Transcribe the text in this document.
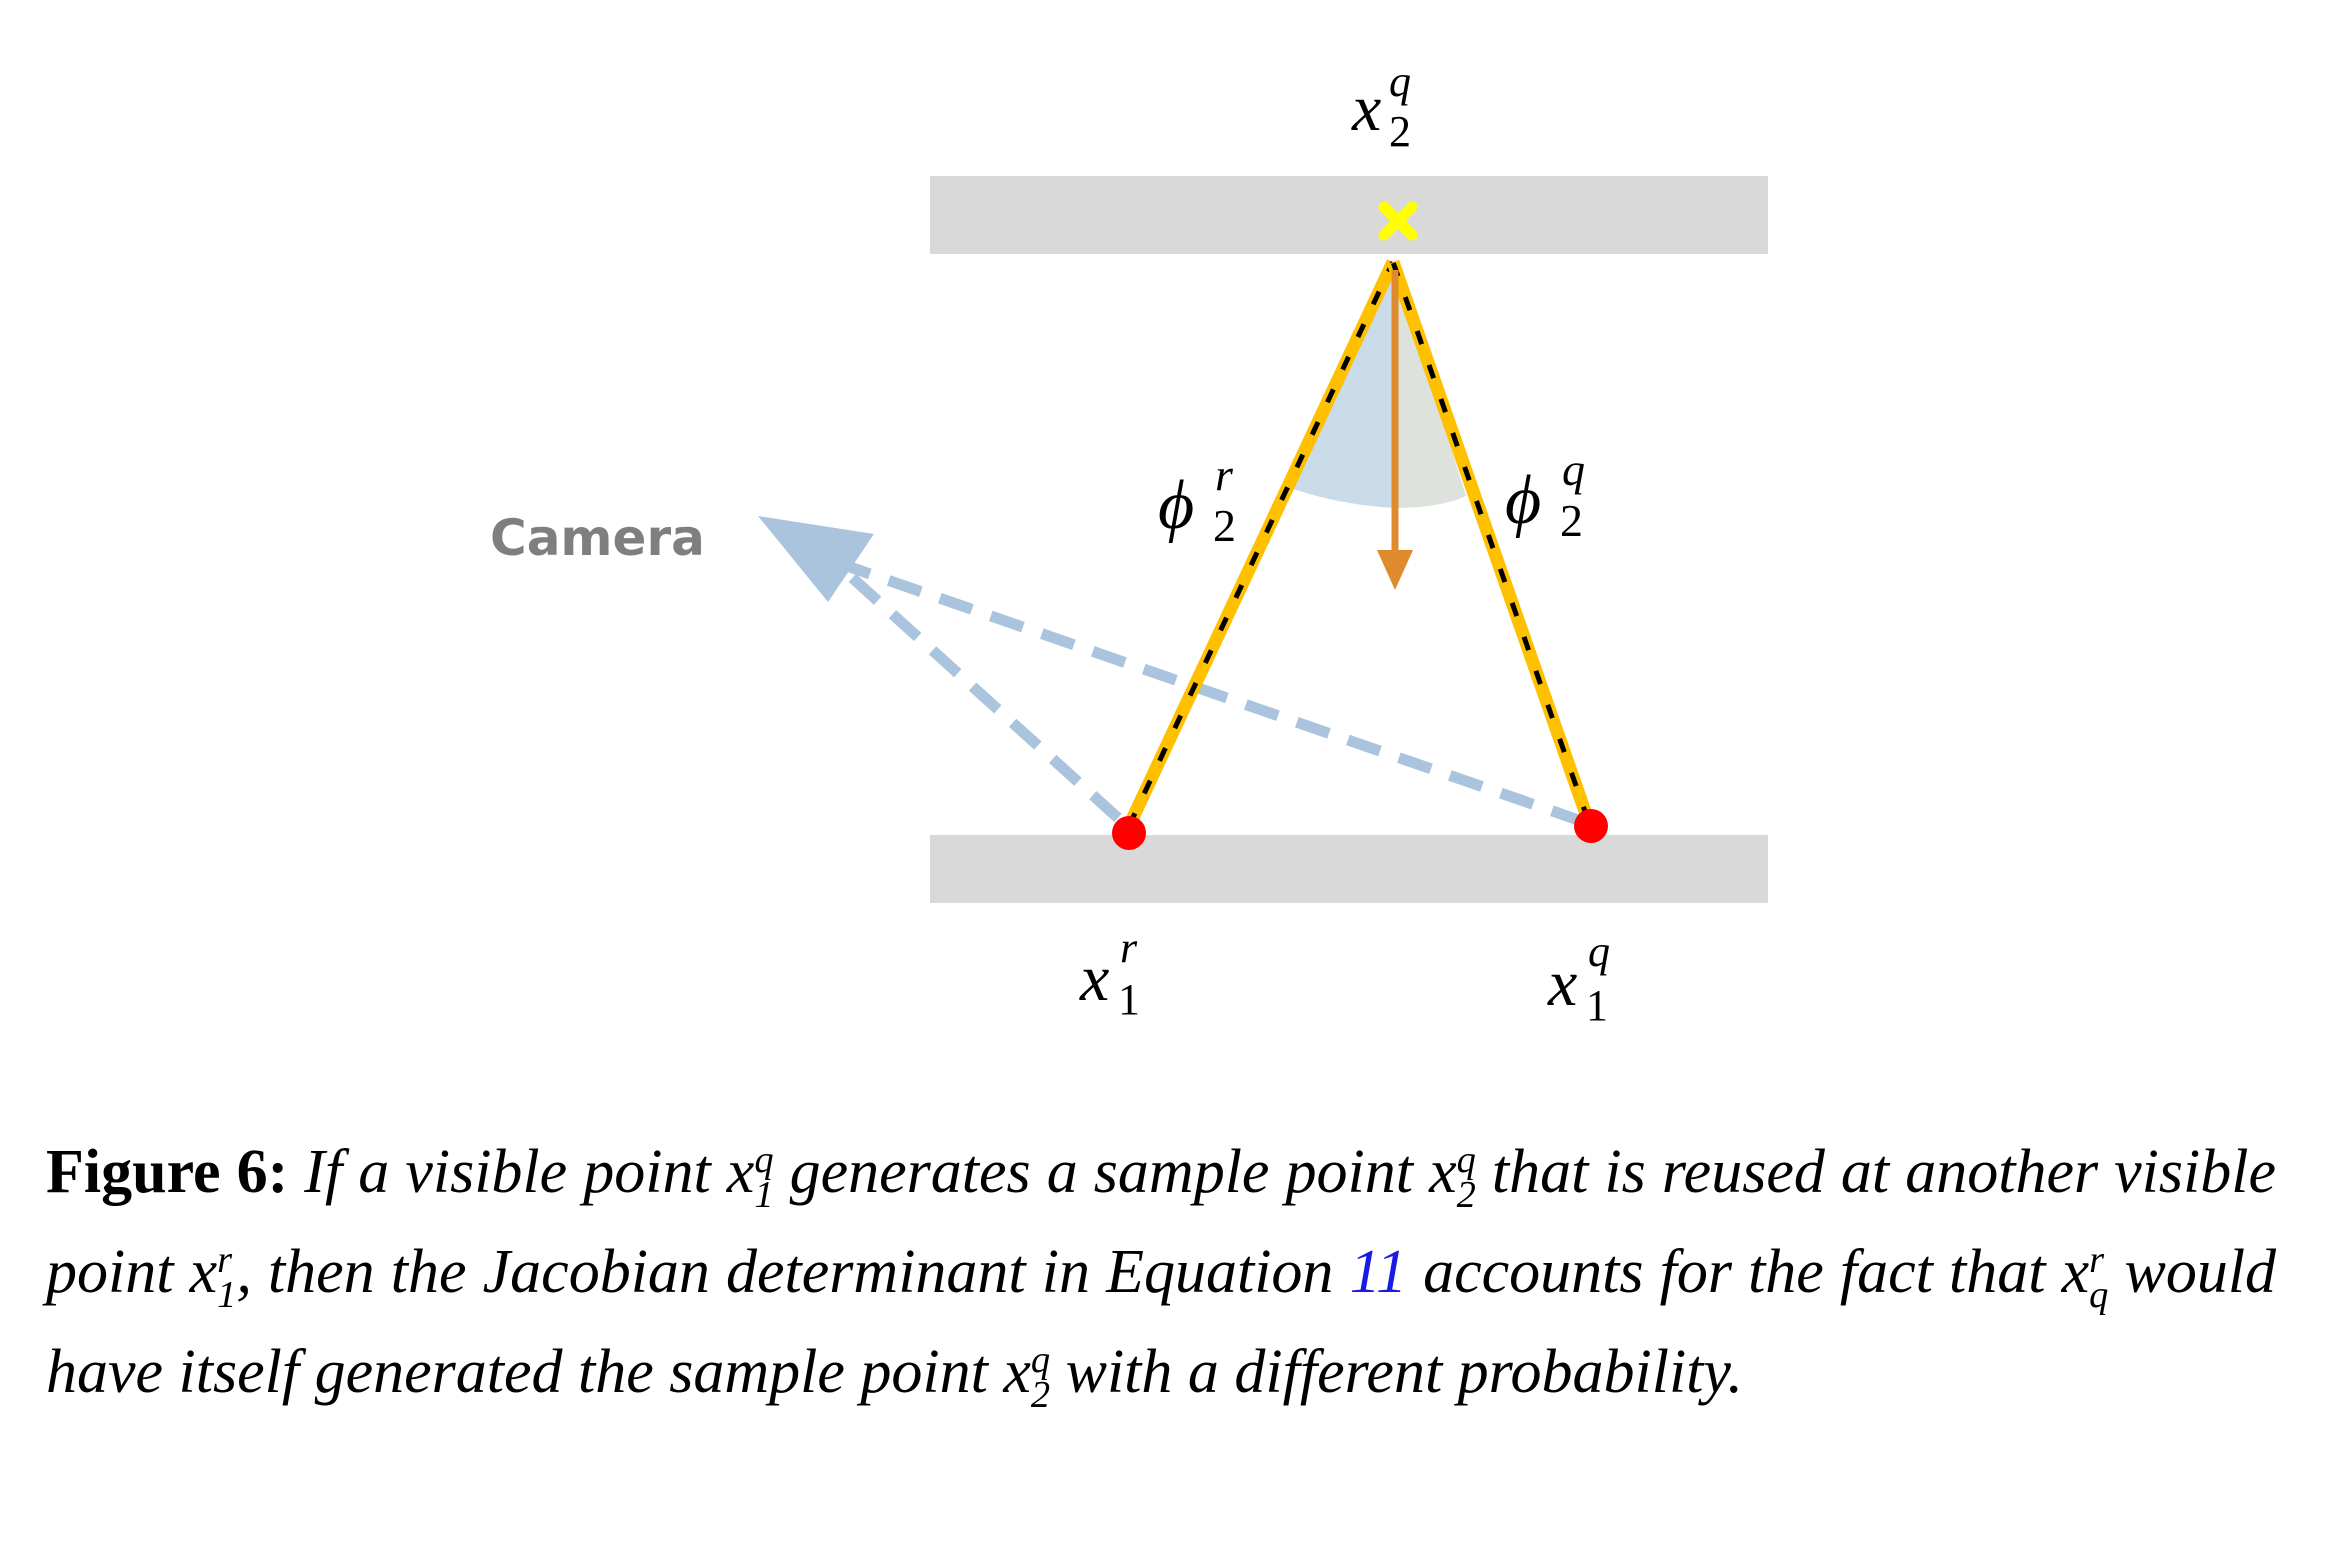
Camera
x q
2
x r
1	x q
1
ϕ r
2	ϕ q
2
Figure 6: If a visible point x q
1 generates a sample point x q
2 that is reused at another visible point x r
1 , then the Jacobian determinant in Equation 11 accounts for the fact that x r
q would have itself generated the sample point x q
2 with a different probability.
